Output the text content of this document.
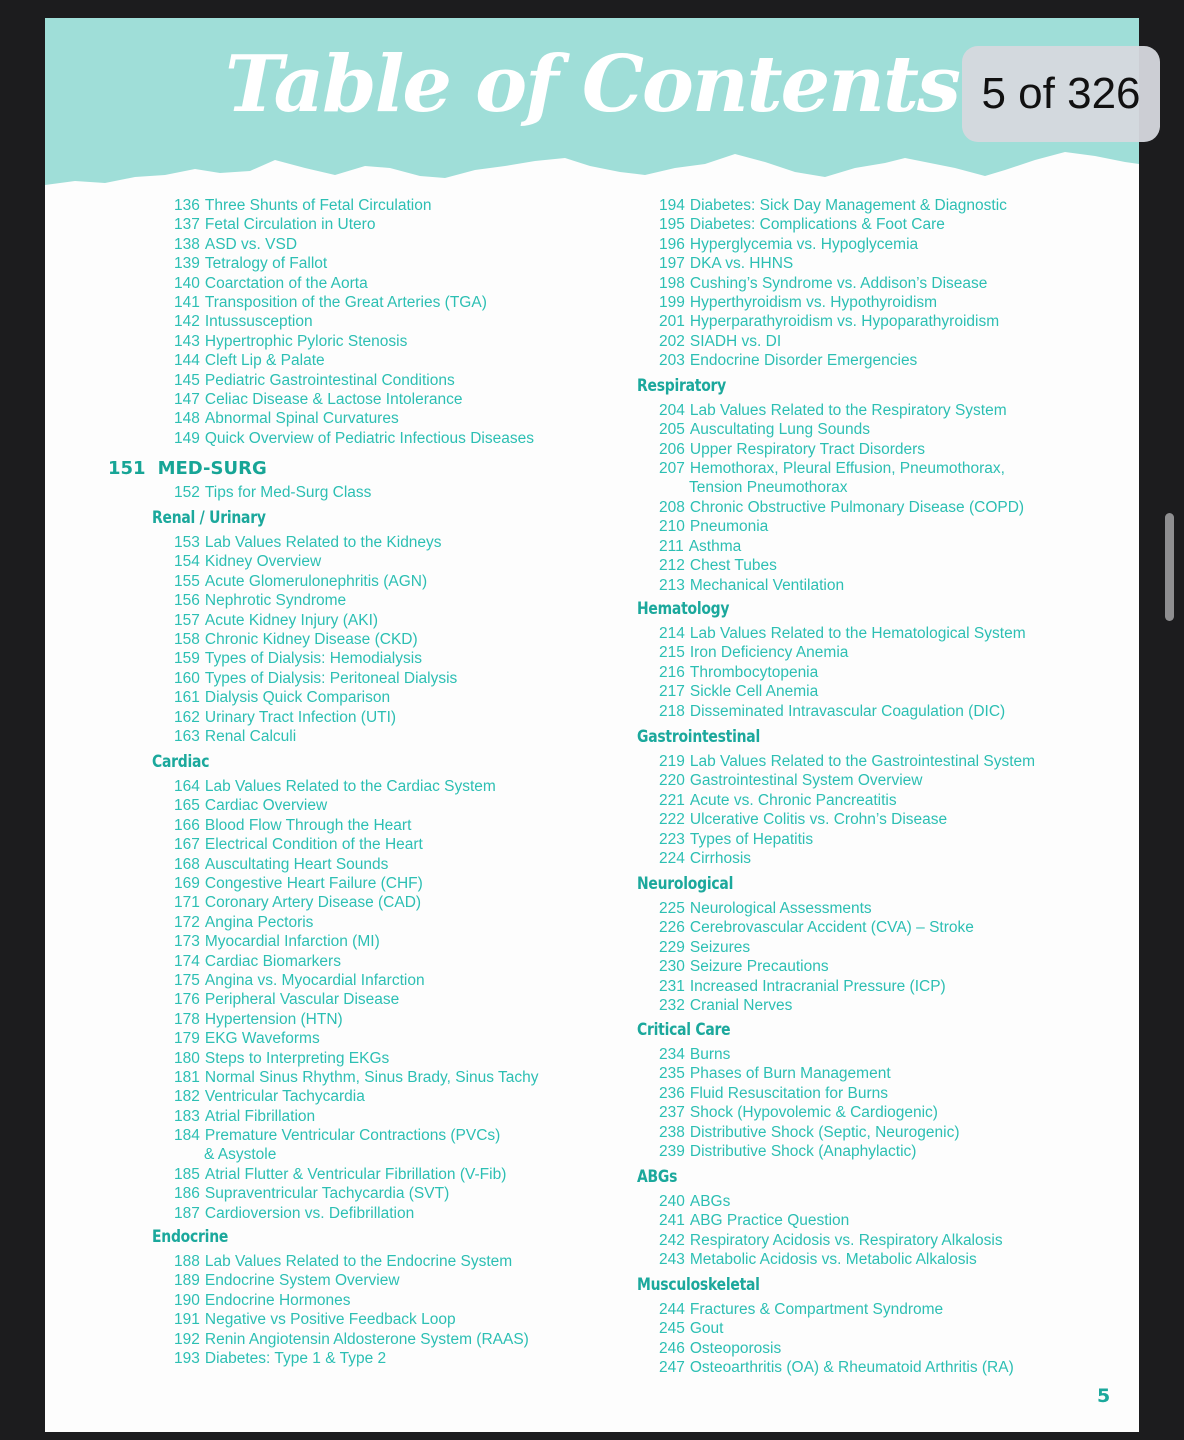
Table of Contents
136 Three Shunts of Fetal Circulation
137 Fetal Circulation in Utero
138 ASD vs. VSD
139 Tetralogy of Fallot
140 Coarctation of the Aorta
141 Transposition of the Great Arteries (TGA)
142 Intussusception
143 Hypertrophic Pyloric Stenosis
144 Cleft Lip & Palate
145 Pediatric Gastrointestinal Conditions
147 Celiac Disease & Lactose Intolerance
148 Abnormal Spinal Curvatures
149 Quick Overview of Pediatric Infectious Diseases
151 MED-SURG
152 Tips for Med-Surg Class
Renal / Urinary
153 Lab Values Related to the Kidneys
154 Kidney Overview
155 Acute Glomerulonephritis (AGN)
156 Nephrotic Syndrome
157 Acute Kidney Injury (AKI)
158 Chronic Kidney Disease (CKD)
159 Types of Dialysis: Hemodialysis
160 Types of Dialysis: Peritoneal Dialysis
161 Dialysis Quick Comparison
162 Urinary Tract Infection (UTI)
163 Renal Calculi
Cardiac
164 Lab Values Related to the Cardiac System
165 Cardiac Overview
166 Blood Flow Through the Heart
167 Electrical Condition of the Heart
168 Auscultating Heart Sounds
169 Congestive Heart Failure (CHF)
171 Coronary Artery Disease (CAD)
172 Angina Pectoris
173 Myocardial Infarction (MI)
174 Cardiac Biomarkers
175 Angina vs. Myocardial Infarction
176 Peripheral Vascular Disease
178 Hypertension (HTN)
179 EKG Waveforms
180 Steps to Interpreting EKGs
181 Normal Sinus Rhythm, Sinus Brady, Sinus Tachy
182 Ventricular Tachycardia
183 Atrial Fibrillation
184 Premature Ventricular Contractions (PVCs)
& Asystole
185 Atrial Flutter & Ventricular Fibrillation (V-Fib)
186 Supraventricular Tachycardia (SVT)
187 Cardioversion vs. Defibrillation
Endocrine
188 Lab Values Related to the Endocrine System
189 Endocrine System Overview
190 Endocrine Hormones
191 Negative vs Positive Feedback Loop
192 Renin Angiotensin Aldosterone System (RAAS)
193 Diabetes: Type 1 & Type 2
194 Diabetes: Sick Day Management & Diagnostic
195 Diabetes: Complications & Foot Care
196 Hyperglycemia vs. Hypoglycemia
197 DKA vs. HHNS
198 Cushing’s Syndrome vs. Addison’s Disease
199 Hyperthyroidism vs. Hypothyroidism
201 Hyperparathyroidism vs. Hypoparathyroidism
202 SIADH vs. DI
203 Endocrine Disorder Emergencies
Respiratory
204 Lab Values Related to the Respiratory System
205 Auscultating Lung Sounds
206 Upper Respiratory Tract Disorders
207 Hemothorax, Pleural Effusion, Pneumothorax,
Tension Pneumothorax
208 Chronic Obstructive Pulmonary Disease (COPD)
210 Pneumonia
211 Asthma
212 Chest Tubes
213 Mechanical Ventilation
Hematology
214 Lab Values Related to the Hematological System
215 Iron Deficiency Anemia
216 Thrombocytopenia
217 Sickle Cell Anemia
218 Disseminated Intravascular Coagulation (DIC)
Gastrointestinal
219 Lab Values Related to the Gastrointestinal System
220 Gastrointestinal System Overview
221 Acute vs. Chronic Pancreatitis
222 Ulcerative Colitis vs. Crohn’s Disease
223 Types of Hepatitis
224 Cirrhosis
Neurological
225 Neurological Assessments
226 Cerebrovascular Accident (CVA) – Stroke
229 Seizures
230 Seizure Precautions
231 Increased Intracranial Pressure (ICP)
232 Cranial Nerves
Critical Care
234 Burns
235 Phases of Burn Management
236 Fluid Resuscitation for Burns
237 Shock (Hypovolemic & Cardiogenic)
238 Distributive Shock (Septic, Neurogenic)
239 Distributive Shock (Anaphylactic)
ABGs
240 ABGs
241 ABG Practice Question
242 Respiratory Acidosis vs. Respiratory Alkalosis
243 Metabolic Acidosis vs. Metabolic Alkalosis
Musculoskeletal
244 Fractures & Compartment Syndrome
245 Gout
246 Osteoporosis
247 Osteoarthritis (OA) & Rheumatoid Arthritis (RA)
5
5 of 326
